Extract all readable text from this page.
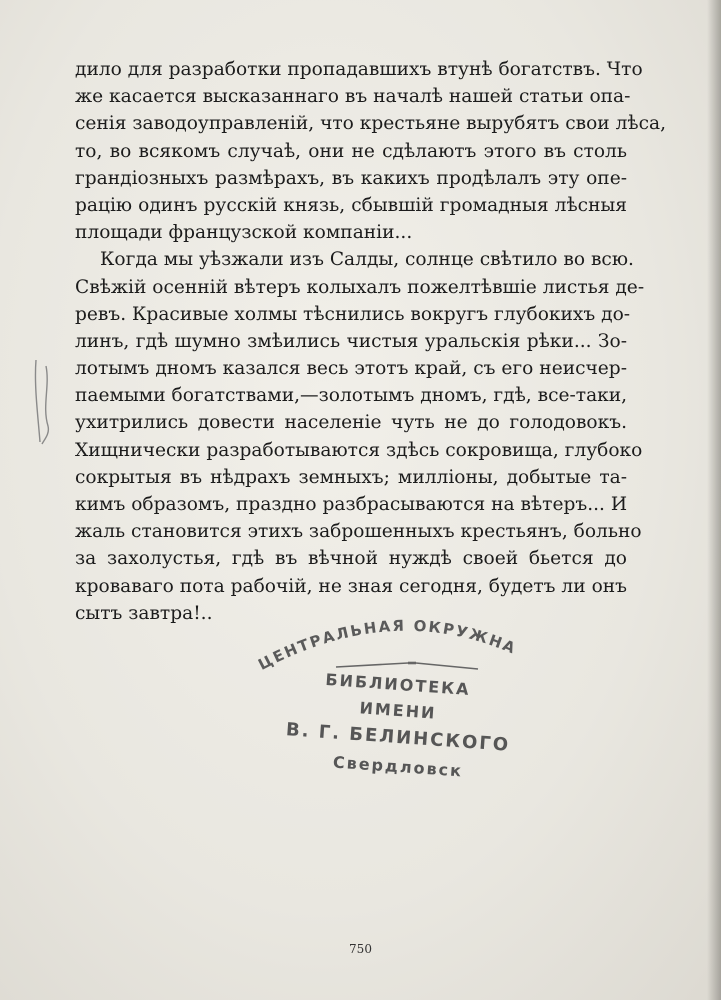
дило для разработки пропадавшихъ втунѣ богатствъ. Что
же касается высказаннаго въ началѣ нашей статьи опа-
сенія заводоуправленій, что крестьяне вырубятъ свои лѣса,
то, во всякомъ случаѣ, они не сдѣлаютъ этого въ столь
грандіозныхъ размѣрахъ, въ какихъ продѣлалъ эту опе-
рацію одинъ русскій князь, сбывшій громадныя лѣсныя
площади французской компаніи...
Когда мы уѣзжали изъ Салды, солнце свѣтило во всю.
Свѣжій осенній вѣтеръ колыхалъ пожелтѣвшіе листья де-
ревъ. Красивые холмы тѣснились вокругъ глубокихъ до-
линъ, гдѣ шумно змѣились чистыя уральскія рѣки... Зо-
лотымъ дномъ казался весь этотъ край, съ его неисчер-
паемыми богатствами,—золотымъ дномъ, гдѣ, все-таки,
ухитрились довести населеніе чуть не до голодовокъ.
Хищнически разработываются здѣсь сокровища, глубоко
сокрытыя въ нѣдрахъ земныхъ; милліоны, добытые та-
кимъ образомъ, праздно разбрасываются на вѣтеръ... И
жаль становится этихъ заброшенныхъ крестьянъ, больно
за захолустья, гдѣ въ вѣчной нуждѣ своей бьется до
кроваваго пота рабочій, не зная сегодня, будетъ ли онъ
сытъ завтра!..
ЕНТРАЛЬНАЯ ОКРУЖНА
БИБЛИОТЕКА
ИМЕНИ
В. Г. БЕЛИНСКОГО
Свердловск
750
